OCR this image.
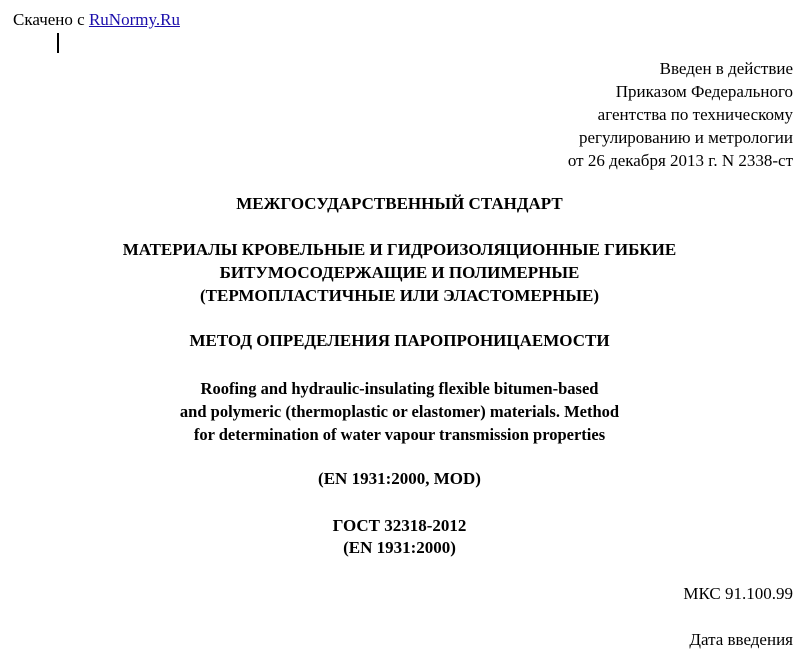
Скачено с RuNormy.Ru
Введен в действие
Приказом Федерального
агентства по техническому
регулированию и метрологии
от 26 декабря 2013 г. N 2338-ст
МЕЖГОСУДАРСТВЕННЫЙ СТАНДАРТ
МАТЕРИАЛЫ КРОВЕЛЬНЫЕ И ГИДРОИЗОЛЯЦИОННЫЕ ГИБКИЕ
БИТУМОСОДЕРЖАЩИЕ И ПОЛИМЕРНЫЕ
(ТЕРМОПЛАСТИЧНЫЕ ИЛИ ЭЛАСТОМЕРНЫЕ)
МЕТОД ОПРЕДЕЛЕНИЯ ПАРОПРОНИЦАЕМОСТИ
Roofing and hydraulic-insulating flexible bitumen-based
and polymeric (thermoplastic or elastomer) materials. Method
for determination of water vapour transmission properties
(EN 1931:2000, MOD)
ГОСТ 32318-2012
(EN 1931:2000)
МКС 91.100.99
Дата введения
